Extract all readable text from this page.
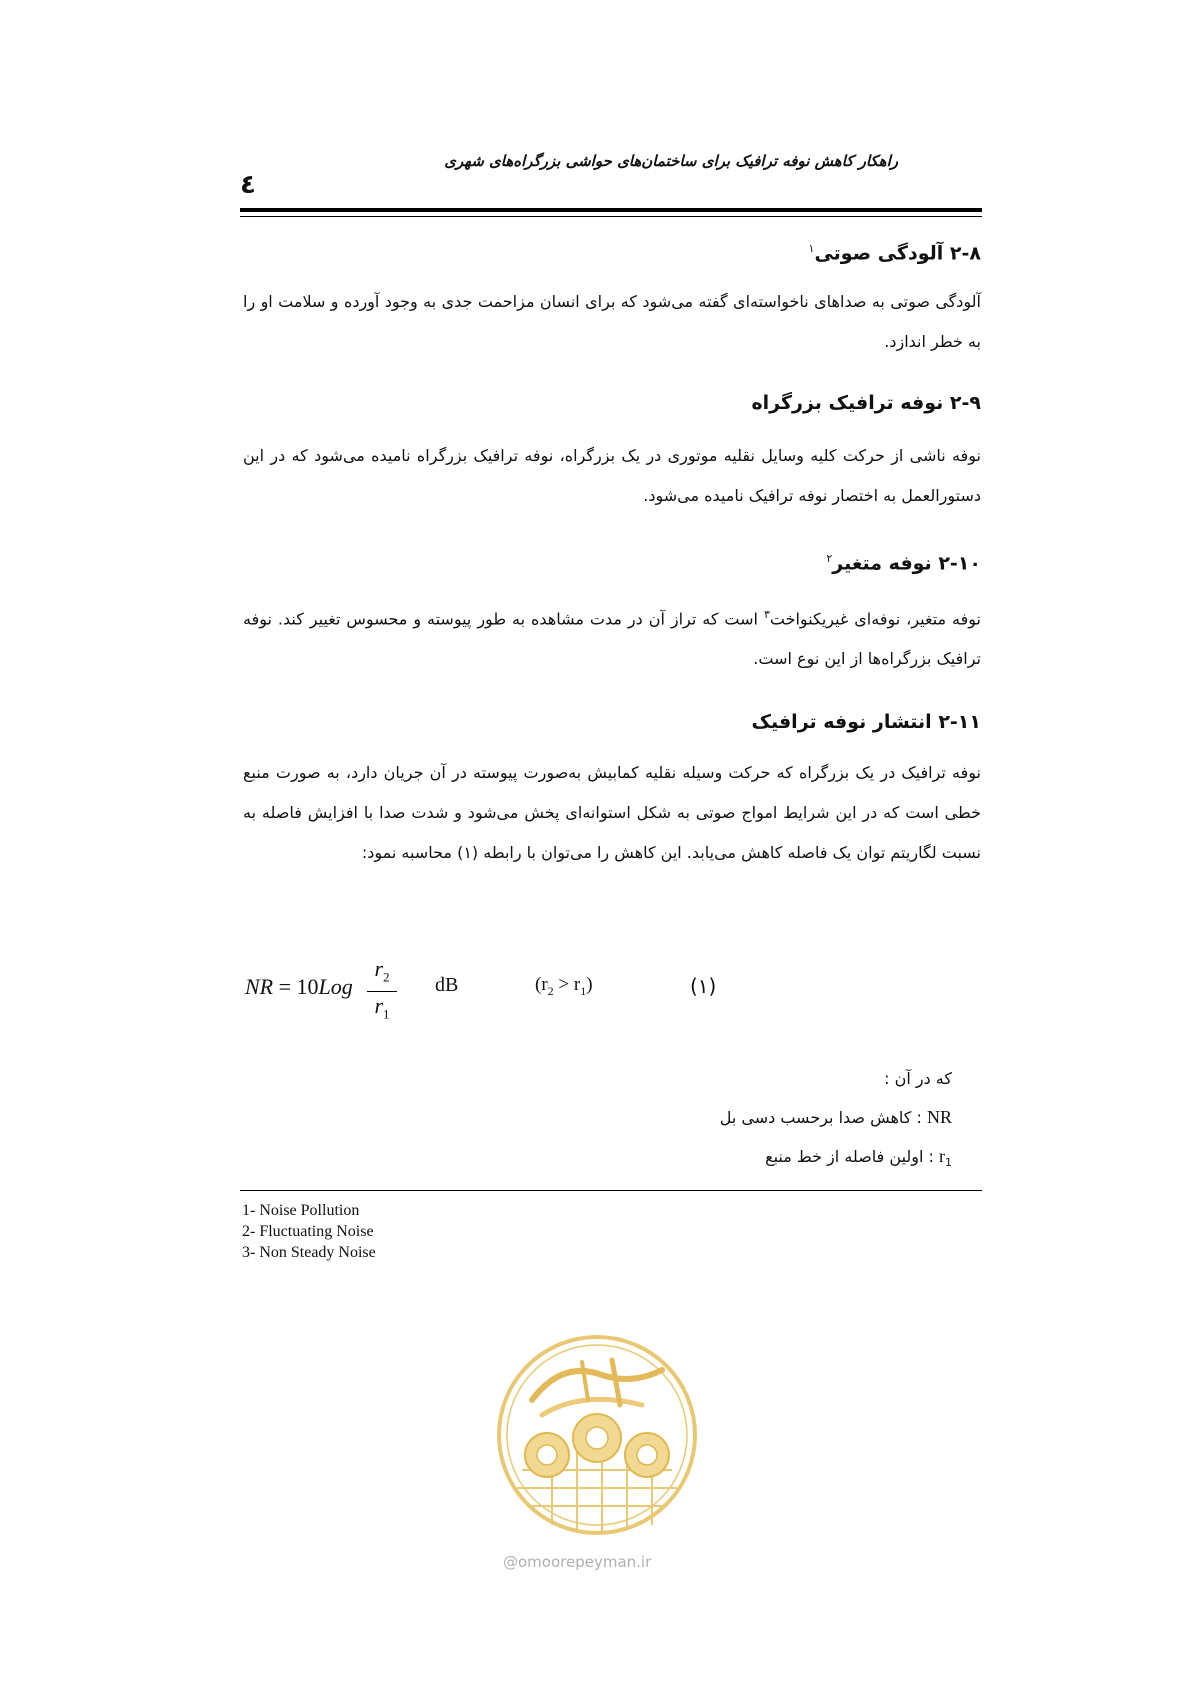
راهکار کاهش نوفه ترافیک برای ساختمان‌های حواشی بزرگراه‌های شهری
٤
۲-۸ آلودگی صوتی$^۱$

آلودگی صوتی به صداهای ناخواسته‌ای گفته می‌شود که برای انسان مزاحمت جدی به وجود آورده و سلامت او را به خطر اندازد.

۲-۹ نوفه ترافیک بزرگراه

نوفه ناشی از حرکت کلیه وسایل نقلیه موتوری در یک بزرگراه، نوفه ترافیک بزرگراه نامیده می‌شود که در این دستورالعمل به اختصار نوفه ترافیک نامیده می‌شود.

۲-۱۰ نوفه متغیر$^۲$

نوفه متغیر، نوفه‌ای غیریکنواخت$^۳$ است که تراز آن در مدت مشاهده به طور پیوسته و محسوس تغییر کند. نوفه ترافیک بزرگراه‌ها از این نوع است.

۲-۱۱ انتشار نوفه ترافیک

نوفه ترافیک در یک بزرگراه که حرکت وسیله نقلیه کمابیش به‌صورت پیوسته در آن جریان دارد، به صورت منبع خطی است که در این شرایط امواج صوتی به شکل استوانه‌ای پخش می‌شود و شدت صدا با افزایش فاصله به نسبت لگاریتم توان یک فاصله کاهش می‌یابد. این کاهش را می‌توان با رابطه (۱) محاسبه نمود:

NR = 10Log
$r_2$
$r_1$
dB	$(r_2 > r_1)$	(۱)
که در آن :
NR : کاهش صدا برحسب دسی بل
$r_1$ : اولین فاصله از خط منبع
1- Noise Pollution
2- Fluctuating Noise
3- Non Steady Noise
@omoorepeyman.ir
